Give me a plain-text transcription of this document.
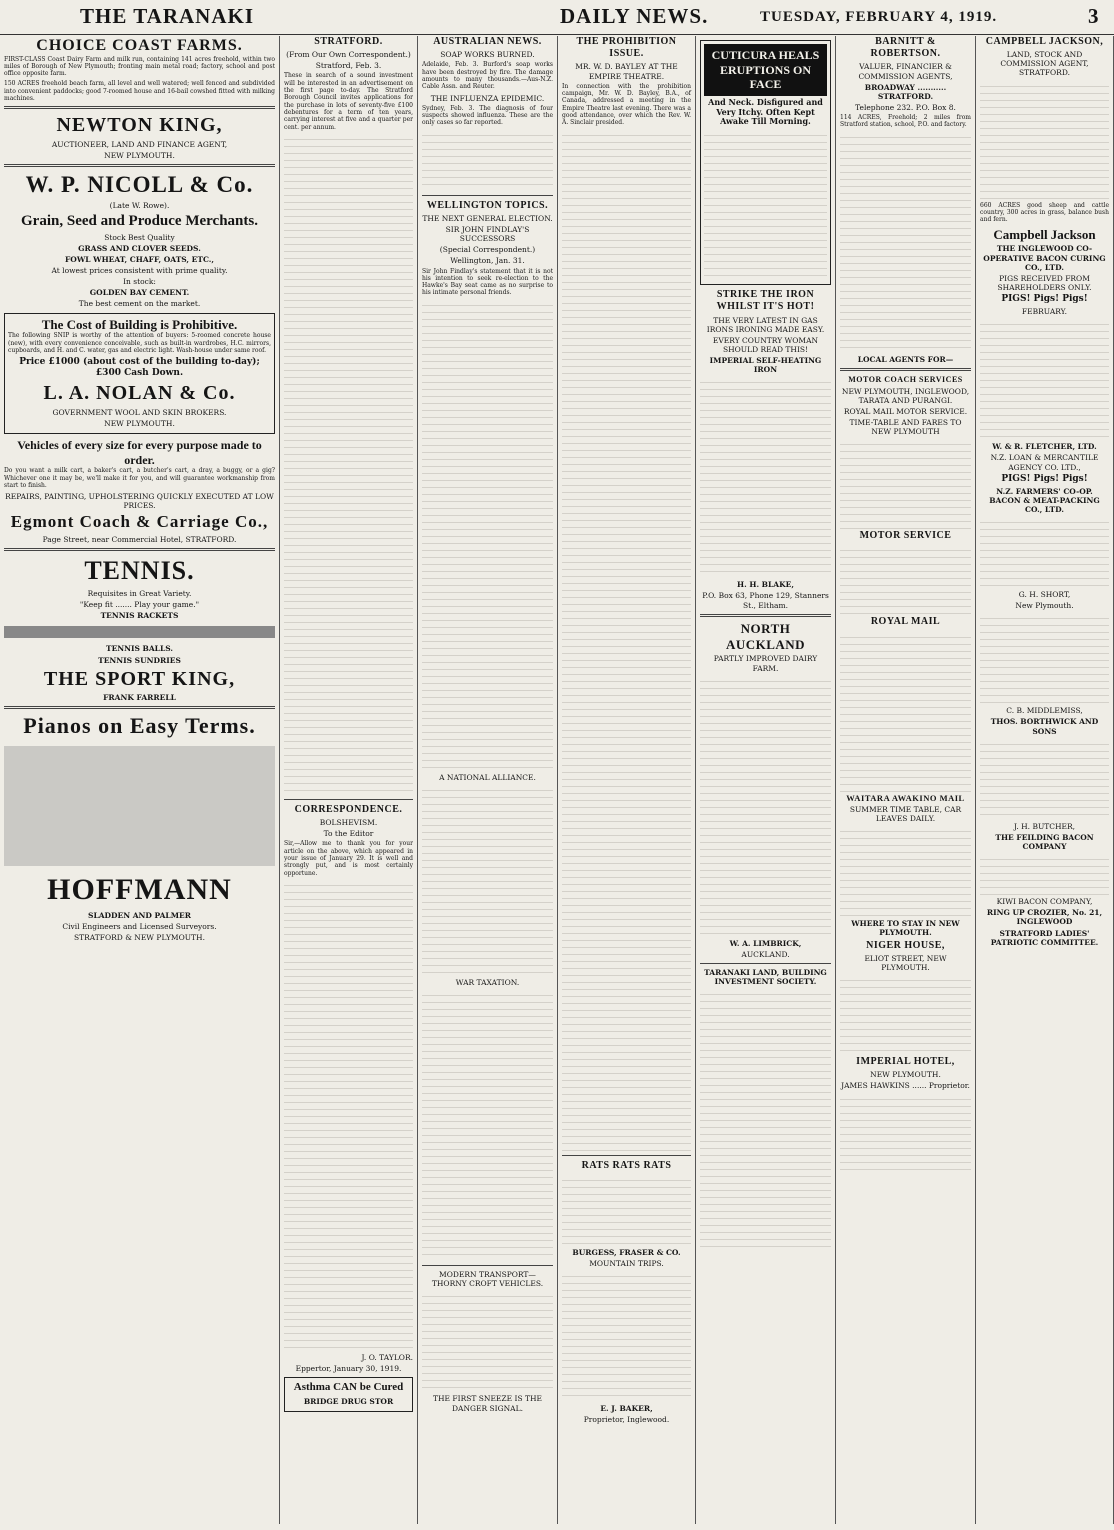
THE TARANAKI	DAILY NEWS.	TUESDAY, FEBRUARY 4, 1919.	3
CHOICE COAST FARMS.

FIRST-CLASS Coast Dairy Farm and milk run, containing 141 acres freehold, within two miles of Borough of New Plymouth; fronting main metal road; factory, school and post office opposite farm.

150 ACRES freehold beach farm, all level and well watered; well fenced and subdivided into convenient paddocks; good 7-roomed house and 16-bail cowshed fitted with milking machines.

NEWTON KING,
AUCTIONEER, LAND AND FINANCE AGENT,
NEW PLYMOUTH.
W. P. NICOLL & Co.
(Late W. Rowe).
Grain, Seed and Produce Merchants.
Stock Best Quality
GRASS AND CLOVER SEEDS.
FOWL WHEAT, CHAFF, OATS, ETC.,
At lowest prices consistent with prime quality.
In stock:
GOLDEN BAY CEMENT.
The best cement on the market.
The Cost of Building is Prohibitive.

The following SNIP is worthy of the attention of buyers: 5-roomed concrete house (new), with every convenience conceivable, such as built-in wardrobes, H.C. mirrors, cupboards, and H. and C. water, gas and electric light. Wash-house under same roof.

Price £1000 (about cost of the building to-day); £300 Cash Down.
L. A. NOLAN & Co.
GOVERNMENT WOOL AND SKIN BROKERS.
NEW PLYMOUTH.
Vehicles of every size for every purpose made to order.

Do you want a milk cart, a baker's cart, a butcher's cart, a dray, a buggy, or a gig? Whichever one it may be, we'll make it for you, and will guarantee workmanship from start to finish.

REPAIRS, PAINTING, UPHOLSTERING QUICKLY EXECUTED AT LOW PRICES.
Egmont Coach & Carriage Co.,
Page Street, near Commercial Hotel, STRATFORD.
TENNIS.
Requisites in Great Variety.
"Keep fit ....... Play your game."
TENNIS RACKETS
TENNIS BALLS.
TENNIS SUNDRIES
THE SPORT KING,
FRANK FARRELL
Pianos on Easy Terms.
HOFFMANN
SLADDEN AND PALMER
Civil Engineers and Licensed Surveyors.
STRATFORD & NEW PLYMOUTH.
STRATFORD.
(From Our Own Correspondent.)
Stratford, Feb. 3.

These in search of a sound investment will be interested in an advertisement on the first page to-day. The Stratford Borough Council invites applications for the purchase in lots of seventy-five £100 debentures for a term of ten years, carrying interest at five and a quarter per cent. per annum.

CORRESPONDENCE.
BOLSHEVISM.
To the Editor

Sir,—Allow me to thank you for your article on the above, which appeared in your issue of January 29. It is well and strongly put, and is most certainly opportune.

J. O. TAYLOR.
Eppertor, January 30, 1919.
Asthma CAN be Cured
BRIDGE DRUG STOR
AUSTRALIAN NEWS.
SOAP WORKS BURNED.

Adelaide, Feb. 3. Burford's soap works have been destroyed by fire. The damage amounts to many thousands.—Aus-N.Z. Cable Assn. and Reuter.

THE INFLUENZA EPIDEMIC.

Sydney, Feb. 3. The diagnosis of four suspects showed influenza. These are the only cases so far reported.

WELLINGTON TOPICS.
THE NEXT GENERAL ELECTION.
SIR JOHN FINDLAY'S SUCCESSORS
(Special Correspondent.)
Wellington, Jan. 31.

Sir John Findlay's statement that it is not his intention to seek re-election to the Hawke's Bay seat came as no surprise to his intimate personal friends.

A NATIONAL ALLIANCE.
WAR TAXATION.
MODERN TRANSPORT—THORNY CROFT VEHICLES.
THE FIRST SNEEZE IS THE DANGER SIGNAL.
THE PROHIBITION ISSUE.
MR. W. D. BAYLEY AT THE EMPIRE THEATRE.

In connection with the prohibition campaign, Mr. W. D. Bayley, B.A., of Canada, addressed a meeting in the Empire Theatre last evening. There was a good attendance, over which the Rev. W. A. Sinclair presided.

RATS RATS RATS
BURGESS, FRASER & CO.
MOUNTAIN TRIPS.
E. J. BAKER,
Proprietor, Inglewood.
CUTICURA HEALS ERUPTIONS ON FACE
And Neck. Disfigured and Very Itchy. Often Kept Awake Till Morning.
STRIKE THE IRON WHILST IT'S HOT!
THE VERY LATEST IN GAS IRONS IRONING MADE EASY.
EVERY COUNTRY WOMAN SHOULD READ THIS!
IMPERIAL SELF-HEATING IRON
H. H. BLAKE,
P.O. Box 63, Phone 129, Stanners St., Eltham.
NORTH AUCKLAND
PARTLY IMPROVED DAIRY FARM.
W. A. LIMBRICK,
AUCKLAND.
TARANAKI LAND, BUILDING INVESTMENT SOCIETY.
BARNITT & ROBERTSON.
VALUER, FINANCIER & COMMISSION AGENTS,
BROADWAY ........... STRATFORD.
Telephone 232. P.O. Box 8.

114 ACRES, Freehold; 2 miles from Stratford station, school, P.O. and factory.

LOCAL AGENTS FOR—
MOTOR COACH SERVICES
NEW PLYMOUTH, INGLEWOOD, TARATA AND PURANGI.
ROYAL MAIL MOTOR SERVICE.
TIME-TABLE AND FARES TO NEW PLYMOUTH
MOTOR SERVICE
ROYAL MAIL
WAITARA AWAKINO MAIL
SUMMER TIME TABLE, CAR LEAVES DAILY.
WHERE TO STAY IN NEW PLYMOUTH.
NIGER HOUSE,
ELIOT STREET, NEW PLYMOUTH.
IMPERIAL HOTEL,
NEW PLYMOUTH.
JAMES HAWKINS ...... Proprietor.
CAMPBELL JACKSON,
LAND, STOCK AND COMMISSION AGENT, STRATFORD.

660 ACRES good sheep and cattle country, 300 acres in grass, balance bush and fern.

Campbell Jackson
THE INGLEWOOD CO-OPERATIVE BACON CURING CO., LTD.
PIGS RECEIVED FROM SHAREHOLDERS ONLY.
PIGS! Pigs! Pigs!
FEBRUARY.
W. & R. FLETCHER, LTD.
N.Z. LOAN & MERCANTILE AGENCY CO. LTD.,
PIGS! Pigs! Pigs!
N.Z. FARMERS' CO-OP. BACON & MEAT-PACKING CO., LTD.
G. H. SHORT,
New Plymouth.
C. B. MIDDLEMISS,
THOS. BORTHWICK AND SONS
J. H. BUTCHER,
THE FEILDING BACON COMPANY
KIWI BACON COMPANY,
RING UP CROZIER, No. 21, INGLEWOOD
STRATFORD LADIES' PATRIOTIC COMMITTEE.
